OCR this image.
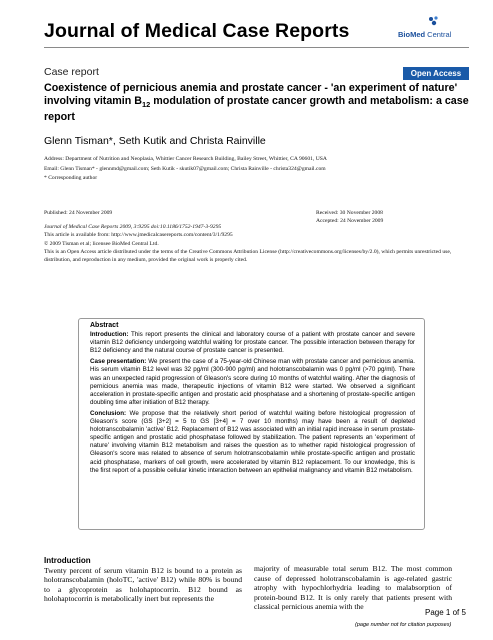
Journal of Medical Case Reports	BioMed Central
Case report	Open Access
Coexistence of pernicious anemia and prostate cancer - 'an experiment of nature' involving vitamin $B_{12}$ modulation of prostate cancer growth and metabolism: a case report
Glenn Tisman*, Seth Kutik and Christa Rainville
Address: Department of Nutrition and Neoplasia, Whittier Cancer Research Building, Bailey Street, Whittier, CA 90601, USA
Email: Glenn Tisman* - glennmd@gmail.com; Seth Kutik - skutik07@gmail.com; Christa Rainville - christa324@gmail.com
* Corresponding author
Published: 24 November 2009
Journal of Medical Case Reports 2009, 3:9295 doi:10.1186/1752-1947-3-9295
This article is available from: http://www.jmedicalcasereports.com/content/3/1/9295
Received: 30 November 2008
Accepted: 24 November 2009
© 2009 Tisman et al; licensee BioMed Central Ltd.
This is an Open Access article distributed under the terms of the Creative Commons Attribution License (http://creativecommons.org/licenses/by/2.0), which permits unrestricted use, distribution, and reproduction in any medium, provided the original work is properly cited.
Abstract

Introduction: This report presents the clinical and laboratory course of a patient with prostate cancer and severe vitamin B12 deficiency undergoing watchful waiting for prostate cancer. The possible interaction between therapy for B12 deficiency and the natural course of prostate cancer is presented.

Case presentation: We present the case of a 75-year-old Chinese man with prostate cancer and pernicious anemia. His serum vitamin B12 level was 32 pg/ml (300-900 pg/ml) and holotranscobalamin was 0 pg/ml (>70 pg/ml). There was an unexpected rapid progression of Gleason's score during 10 months of watchful waiting. After the diagnosis of pernicious anemia was made, therapeutic injections of vitamin B12 were started. We observed a significant acceleration in prostate-specific antigen and prostatic acid phosphatase and a shortening of prostate-specific antigen doubling time after initiation of B12 therapy.

Conclusion: We propose that the relatively short period of watchful waiting before histological progression of Gleason's score (GS [3+2] = 5 to GS [3+4] = 7 over 10 months) may have been a result of depleted holotranscobalamin 'active' B12. Replacement of B12 was associated with an initial rapid increase in serum prostate-specific antigen and prostatic acid phosphatase followed by stabilization. The patient represents an 'experiment of nature' involving vitamin B12 metabolism and raises the question as to whether rapid histological progression of Gleason's score was related to absence of serum holotranscobalamin while prostate-specific antigen and prostatic acid phosphatase, markers of cell growth, were accelerated by vitamin B12 replacement. To our knowledge, this is the first report of a possible cellular kinetic interaction between an epithelial malignancy and vitamin B12 metabolism.

Introduction
Twenty percent of serum vitamin B12 is bound to a protein as holotranscobalamin (holoTC, 'active' B12) while 80% is bound to a glycoprotein as holohaptocorrin. B12 bound as holohaptocorrin is metabolically inert but represents the
majority of measurable total serum B12. The most common cause of depressed holotranscobalamin is age-related gastric atrophy with hypochlorhydria leading to malabsorption of protein-bound B12. It is only rarely that patients present with classical pernicious anemia with the
Page 1 of 5
(page number not for citation purposes)
